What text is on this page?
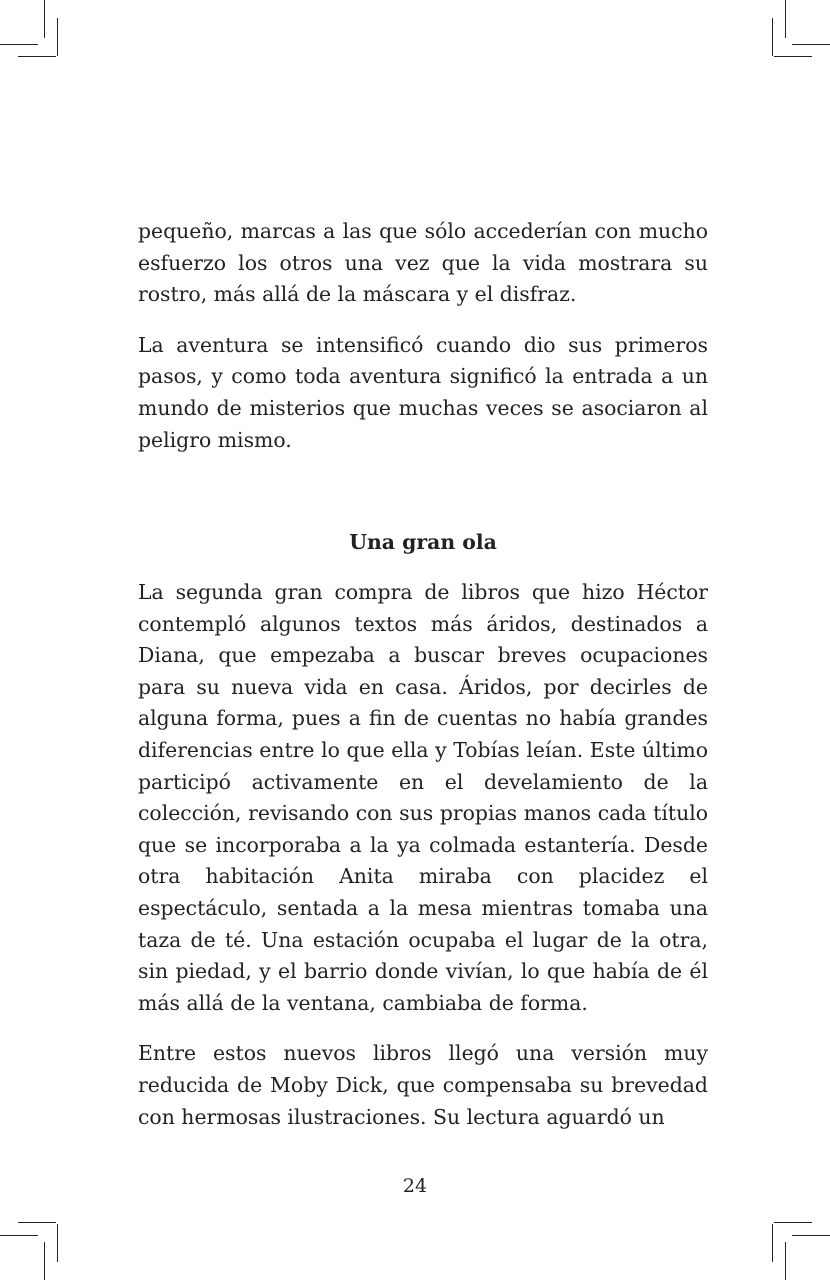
pequeño, marcas a las que sólo accederían con mucho esfuerzo los otros una vez que la vida mostrara su rostro, más allá de la máscara y el disfraz.

La aventura se intensificó cuando dio sus primeros pasos, y como toda aventura significó la entrada a un mundo de misterios que muchas veces se asociaron al peligro mismo.

Una gran ola

La segunda gran compra de libros que hizo Héctor contempló algunos textos más áridos, destinados a Diana, que empezaba a buscar breves ocupaciones para su nueva vida en casa. Áridos, por decirles de alguna forma, pues a fin de cuentas no había grandes diferencias entre lo que ella y Tobías leían. Este último participó activamente en el develamiento de la colección, revisando con sus propias manos cada título que se incorporaba a la ya colmada estantería. Desde otra habitación Anita miraba con placidez el espectáculo, sentada a la mesa mientras tomaba una taza de té. Una estación ocupaba el lugar de la otra, sin piedad, y el barrio donde vivían, lo que había de él más allá de la ventana, cambiaba de forma.

Entre estos nuevos libros llegó una versión muy reducida de Moby Dick, que compensaba su brevedad con hermosas ilustraciones. Su lectura aguardó un

24
